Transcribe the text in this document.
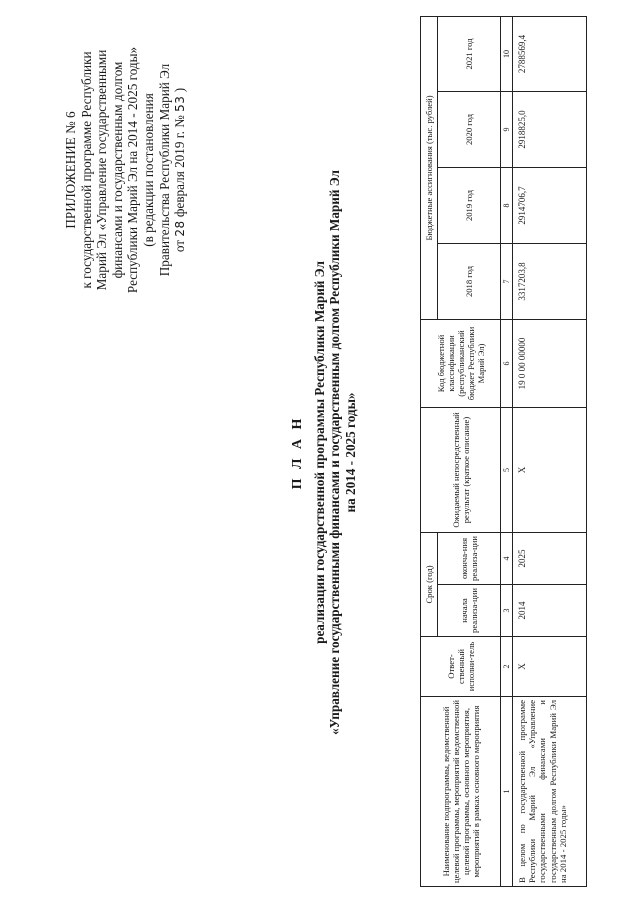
ПРИЛОЖЕНИЕ № 6 к государственной программе Республики Марий Эл «Управление государственными финансами и государственным долгом Республики Марий Эл на 2014 - 2025 годы» (в редакции постановления Правительства Республики Марий Эл от 28 февраля 2019 г. № 53 )
П Л А Н реализации государственной программы Республики Марий Эл «Управление государственными финансами и государственным долгом Республики Марий Эл на 2014 - 2025 годы»
Наименование подпрограммы, ведомственной целевой программы, мероприятий ведомственной целевой программы, основного мероприятия, мероприятий в рамках основного мероприятия	Ответ-ственный исполни-тель	Срок (год)		Ожидаемый непосредственный результат (краткое описание)	Код бюджетной классификации (республиканский бюджет Республики Марий Эл)	Бюджетные ассигнования (тыс. рублей)			
		начала реализа-ции	оконча-ния реализа-ции			2018 год	2019 год	2020 год	2021 год
1	2	3	4	5	6	7	8	9	10
В целом по государственной программе Республики Марий Эл «Управление государственными финансами и государственным долгом Республики Марий Эл на 2014 - 2025 годы»	Х	2014	2025	Х	19 0 00 00000	3317203,8	2914706,7	2918825,0	2788569,4
